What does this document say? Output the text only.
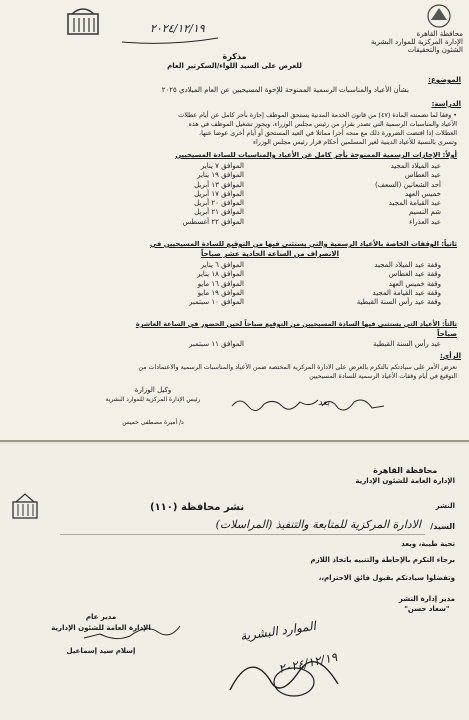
محافظة القاهرة
الإدارة المركزية للموارد البشرية
الشئون والتحقيقات
٢٠٢٤/١٢/١٩
مذكرة
للعرض على السيد اللواء/السكرتير العام
الموضوع:
بشأن الأعياد والمناسبات الرسمية الممنوحة للإخوة المسيحيين عن العام الميلادي ٢٠٢٥
الدراسة:
• وفقا لما تضمنته المادة (٤٧) من قانون الخدمة المدنية يستحق الموظف إجازة بأجر كامل عن أيام عطلات
الأعياد والمناسبات الرسمية التي تصدر بقرار من رئيس مجلس الوزراء، ويجوز تشغيل الموظف في هذه
العطلات إذا اقتضت الضرورة ذلك مع منحه أجرا مماثلا في العيد المستحق أو أيام أخرى عوضا عنها،
وتسري بالنسبة للأعياد الدينية لغير المسلمين أحكام قرار رئيس مجلس الوزراء
أولاً: الإجازات الرسمية الممنوحة بأجر كامل عن الأعياد والمناسبات للسادة المسيحيين
عيد الميلاد المجيد
عيد الغطاس
أحد الشعانين (السعف)
خميس العهد
عيد القيامة المجيد
شم النسيم
عيد العذراء
الموافق ٧ يناير
الموافق ١٩ يناير
الموافق ١٣ أبريل
الموافق ١٧ أبريل
الموافق ٢٠ أبريل
الموافق ٢١ أبريل
الموافق ٢٢ أغسطس
ثانياً: الوقفات الخاصة بالأعياد الرسمية والتي يستثنى فيها من التوقيع للسادة المسيحيين في
الانصراف من الساعة الحادية عشر صباحاً
وقفة عيد الميلاد المجيد
وقفة عيد الغطاس
وقفة خميس العهد
وقفة عيد القيامة المجيد
وقفة عيد رأس السنة القبطية
الموافق ٦ يناير
الموافق ١٨ يناير
الموافق ١٦ مايو
الموافق ١٩ مايو
الموافق ١٠ سبتمبر
ثالثاً: الأعياد التي يستثنى فيها السادة المسيحيين من التوقيع صباحاً لحين الحضور في الساعة العاشرة
صباحاً
عيد رأس السنة القبطية
الموافق ١١ سبتمبر
الرأي:
نعرض الأمر على سيادتكم بالتكرم بالعرض على الادارة المركزية المختصة ضمن الأعياد والمناسبات الرسمية والاعتمادات من
التوقيع في أيام وقفات الأعياد الرسمية للسادة المسيحيين
وكيل الوزارة
رئيس الإدارة المركزية للموارد البشرية
د/ أميرة مصطفى خميس
بعد
محافظة القاهرة
الإدارة العامة للشئون الإدارية
النشر
(١١٠) نشر محافظة
السيد/
الادارة المركزية للمتابعة والتنفيذ (المراسلات)
تحية طيبة، وبعد
برجاء التكرم بالإحاطة والتنبيه باتخاذ اللازم
وتفضلوا سيادتكم بقبول فائق الاحترام،،
مدير إدارة النشر
"سعاد حسن"
مدير عام
الإدارة العامة للشئون الإدارية
إسلام سيد إسماعيل
الموارد البشرية
٢٠٢٤/١٢/١٩
